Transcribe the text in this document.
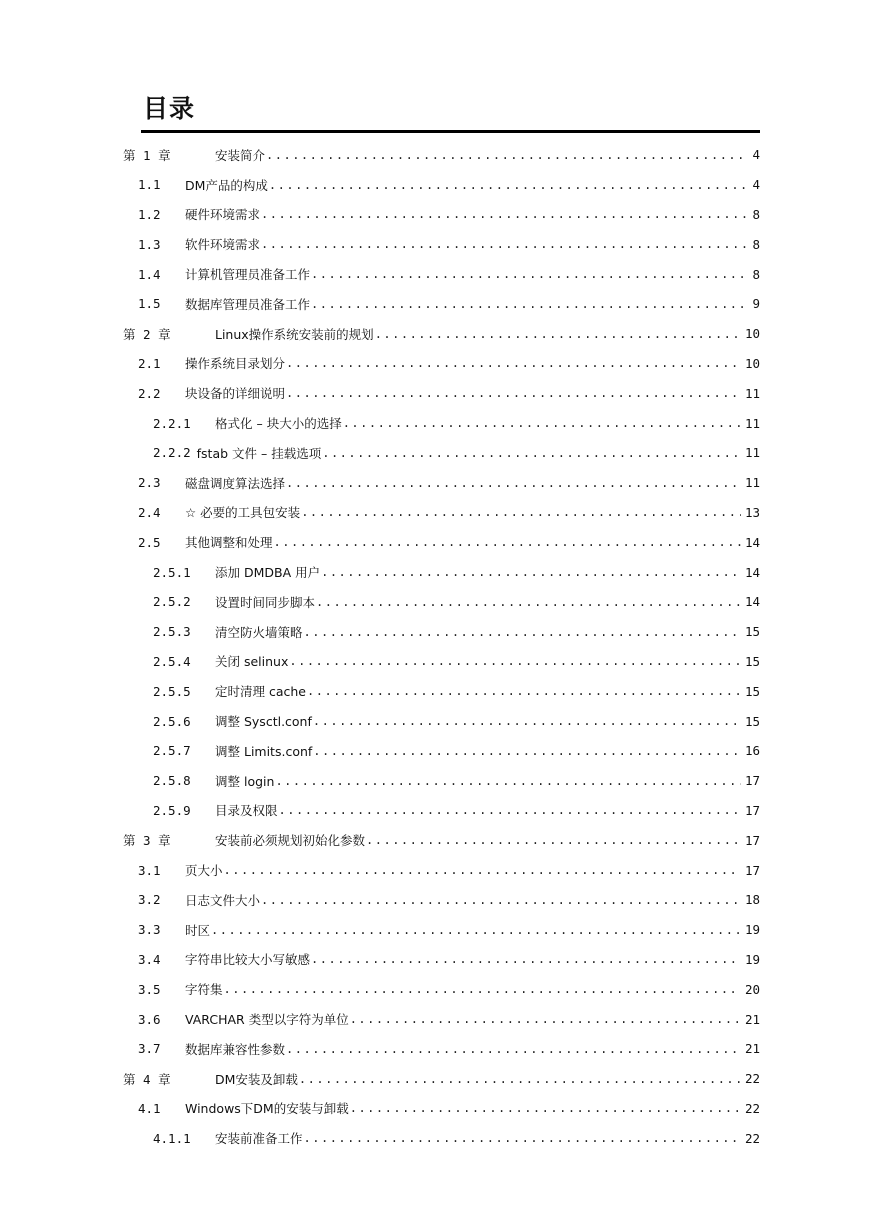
目录
第 1 章	安装简介 .....	4
1.1	DM产品的构成 .....	4
1.2	硬件环境需求 .....	8
1.3	软件环境需求 .....	8
1.4	计算机管理员准备工作 .....	8
1.5	数据库管理员准备工作 .....	9
第 2 章	Linux操作系统安装前的规划 .....	10
2.1	操作系统目录划分 .....	10
2.2	块设备的详细说明 .....	11
2.2.1	格式化 – 块大小的选择 .....	11
2.2.2 fstab 文件 – 挂载选项 .....	11
2.3	磁盘调度算法选择 .....	11
2.4	☆ 必要的工具包安装 .....	13
2.5	其他调整和处理 .....	14
2.5.1	添加 DMDBA 用户 .....	14
2.5.2	设置时间同步脚本 .....	14
2.5.3	清空防火墙策略 .....	15
2.5.4	关闭 selinux .....	15
2.5.5	定时清理 cache .....	15
2.5.6	调整 Sysctl.conf .....	15
2.5.7	调整 Limits.conf .....	16
2.5.8	调整 login .....	17
2.5.9	目录及权限 .....	17
第 3 章	安装前必须规划初始化参数 .....	17
3.1	页大小 .....	17
3.2	日志文件大小 .....	18
3.3	时区 .....	19
3.4	字符串比较大小写敏感 .....	19
3.5	字符集 .....	20
3.6	VARCHAR 类型以字符为单位 .....	21
3.7	数据库兼容性参数 .....	21
第 4 章	DM安装及卸载 .....	22
4.1	Windows下DM的安装与卸载 .....	22
4.1.1	安装前准备工作 .....	22
